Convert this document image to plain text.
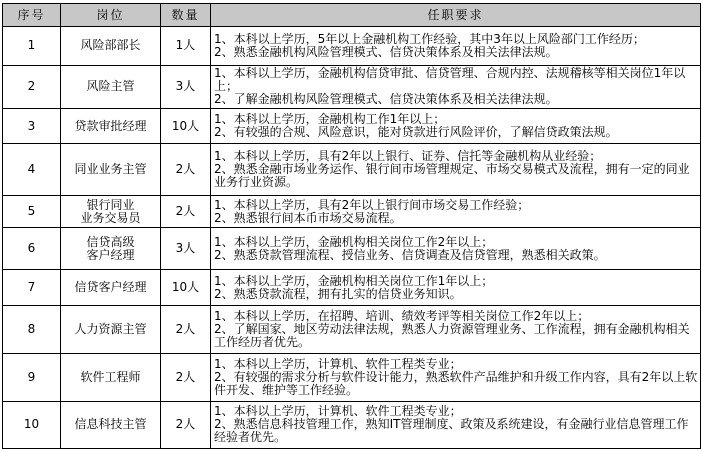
序号	岗位	数量	任职要求
1	风险部部长	1人	1、本科以上学历，5年以上金融机构工作经验，其中3年以上风险部门工作经历；
2、熟悉金融机构风险管理模式、信贷决策体系及相关法律法规。

2	风险主管	3人	1、本科以上学历，金融机构信贷审批、信贷管理、合规内控、法规稽核等相关岗位1年以上；
2、了解金融机构风险管理模式、信贷决策体系及相关法律法规。

3	贷款审批经理	10人	1、本科以上学历，金融机构工作1年以上；
2、有较强的合规、风险意识，能对贷款进行风险评价，了解信贷政策法规。

4	同业业务主管	2人	1、本科以上学历，具有2年以上银行、证券、信托等金融机构从业经验；
2、熟悉金融市场业务运作、银行间市场管理规定、市场交易模式及流程，拥有一定的同业业务行业资源。

5	银行同业
业务交易员	2人	1、本科以上学历，具有2年以上银行间市场交易工作经验；
2、熟悉银行间本币市场交易流程。

6	信贷高级
客户经理	3人	1、本科以上学历，金融机构相关岗位工作2年以上；
2、熟悉贷款管理流程、授信业务、信贷调查及信贷管理，熟悉相关政策。

7	信贷客户经理	10人	1、本科以上学历，金融机构相关岗位工作1年以上；
2、熟悉贷款流程，拥有扎实的信贷业务知识。

8	人力资源主管	2人	1、本科以上学历，在招聘、培训、绩效考评等相关岗位工作2年以上；
2、了解国家、地区劳动法律法规，熟悉人力资源管理业务、工作流程，拥有金融机构相关工作经历者优先。

9	软件工程师	2人	1、本科以上学历，计算机、软件工程类专业；
2、有较强的需求分析与软件设计能力，熟悉软件产品维护和升级工作内容，具有2年以上软件开发、维护等工作经验。

10	信息科技主管	2人	1、本科以上学历，计算机、软件工程类专业；
2、熟悉信息科技管理工作，熟知IT管理制度、政策及系统建设，有金融行业信息管理工作经验者优先。
